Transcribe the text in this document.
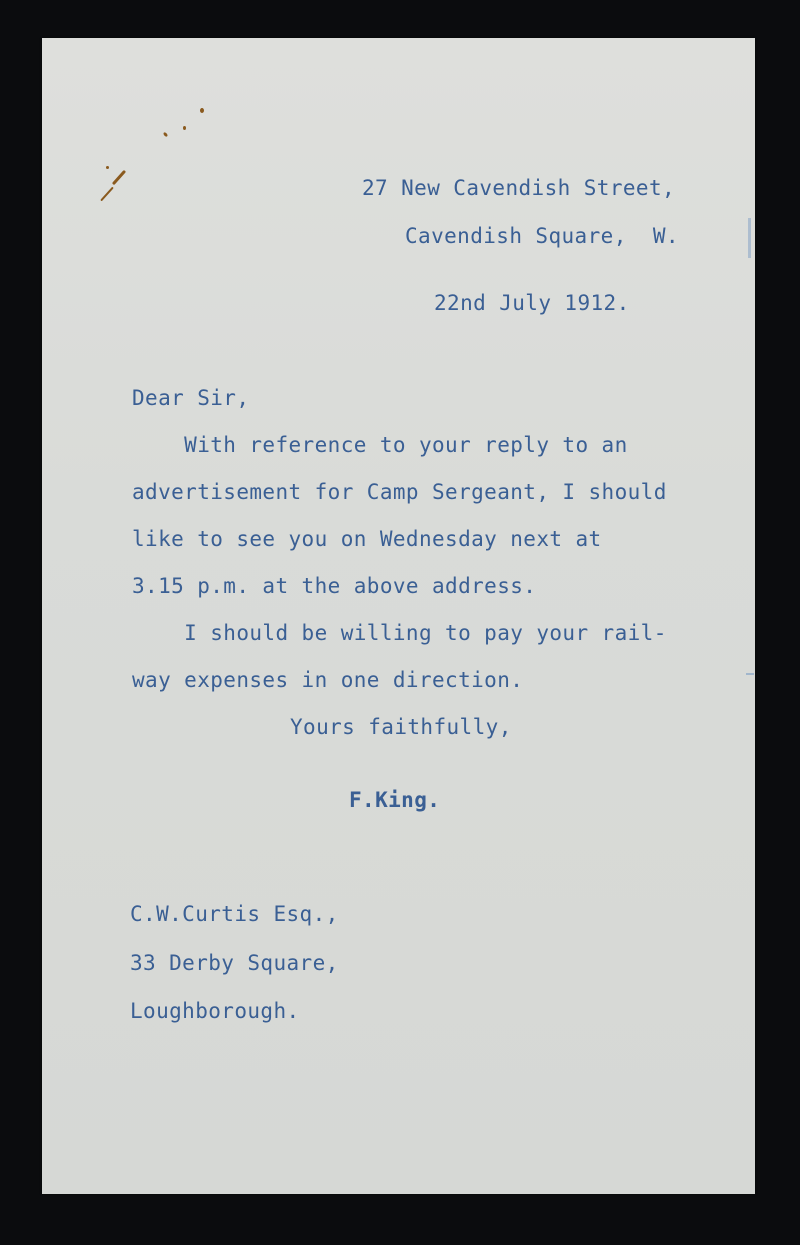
27 New Cavendish Street,
Cavendish Square,  W.
22nd July 1912.
Dear Sir,
With reference to your reply to an
advertisement for Camp Sergeant, I should
like to see you on Wednesday next at
3.15 p.m. at the above address.
I should be willing to pay your rail-
way expenses in one direction.
Yours faithfully,
F.King.
C.W.Curtis Esq.,
33 Derby Square,
Loughborough.
